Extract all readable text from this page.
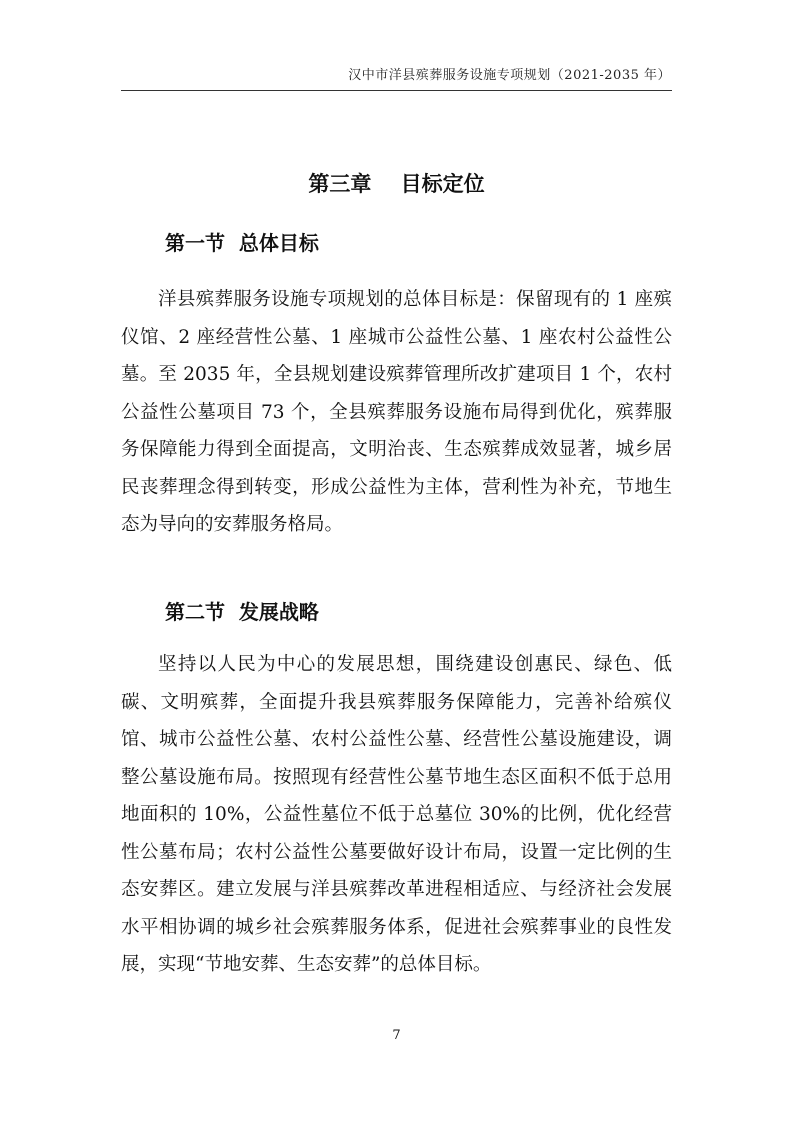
汉中市洋县殡葬服务设施专项规划（2021-2035 年）
第三章    目标定位
第一节  总体目标

洋县殡葬服务设施专项规划的总体目标是：保留现有的 1 座殡仪馆、2 座经营性公墓、1 座城市公益性公墓、1 座农村公益性公墓。至 2035 年，全县规划建设殡葬管理所改扩建项目 1 个，农村公益性公墓项目 73 个，全县殡葬服务设施布局得到优化，殡葬服务保障能力得到全面提高，文明治丧、生态殡葬成效显著，城乡居民丧葬理念得到转变，形成公益性为主体，营利性为补充，节地生态为导向的安葬服务格局。

第二节  发展战略

坚持以人民为中心的发展思想，围绕建设创惠民、绿色、低碳、文明殡葬，全面提升我县殡葬服务保障能力，完善补给殡仪馆、城市公益性公墓、农村公益性公墓、经营性公墓设施建设，调整公墓设施布局。按照现有经营性公墓节地生态区面积不低于总用地面积的 10%，公益性墓位不低于总墓位 30%的比例，优化经营性公墓布局；农村公益性公墓要做好设计布局，设置一定比例的生态安葬区。建立发展与洋县殡葬改革进程相适应、与经济社会发展水平相协调的城乡社会殡葬服务体系，促进社会殡葬事业的良性发展，实现“节地安葬、生态安葬”的总体目标。

7
